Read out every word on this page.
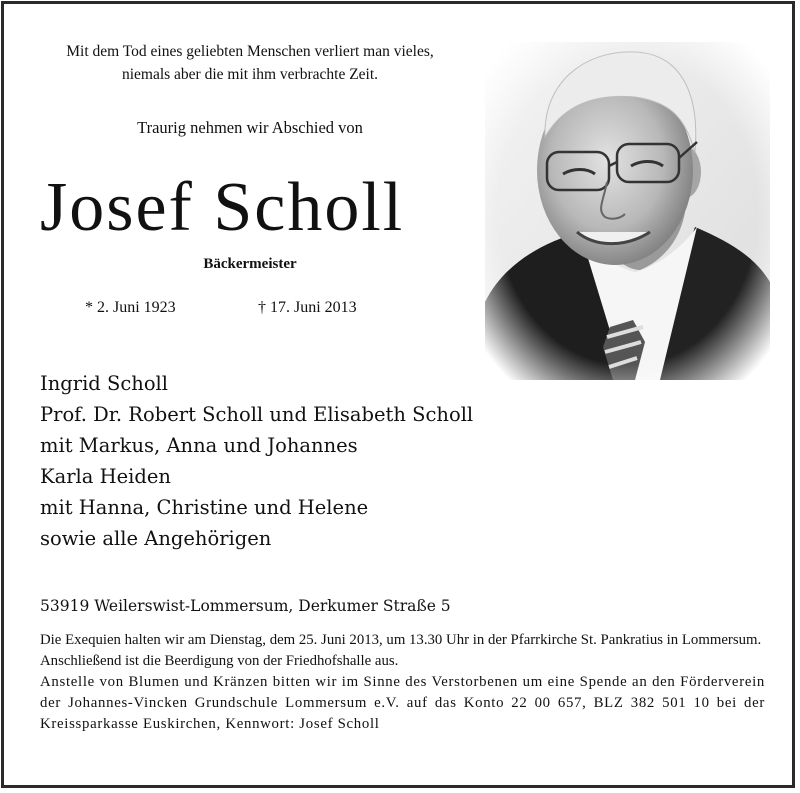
Mit dem Tod eines geliebten Menschen verliert man vieles,
niemals aber die mit ihm verbrachte Zeit.
Traurig nehmen wir Abschied von
Josef Scholl
Bäckermeister
* 2. Juni 1923	† 17. Juni 2013
Ingrid Scholl
Prof. Dr. Robert Scholl und Elisabeth Scholl
mit Markus, Anna und Johannes
Karla Heiden
mit Hanna, Christine und Helene
sowie alle Angehörigen
53919 Weilerswist-Lommersum, Derkumer Straße 5

Die Exequien halten wir am Dienstag, dem 25. Juni 2013, um 13.30 Uhr in der Pfarrkirche St. Pankratius in Lommersum.

Anschließend ist die Beerdigung von der Friedhofshalle aus.

Anstelle von Blumen und Kränzen bitten wir im Sinne des Verstorbenen um eine Spende an den Förderverein der Johannes-Vincken Grundschule Lommersum e.V. auf das Konto 22 00 657, BLZ 382 501 10 bei der Kreissparkasse Euskirchen, Kennwort: Josef Scholl
